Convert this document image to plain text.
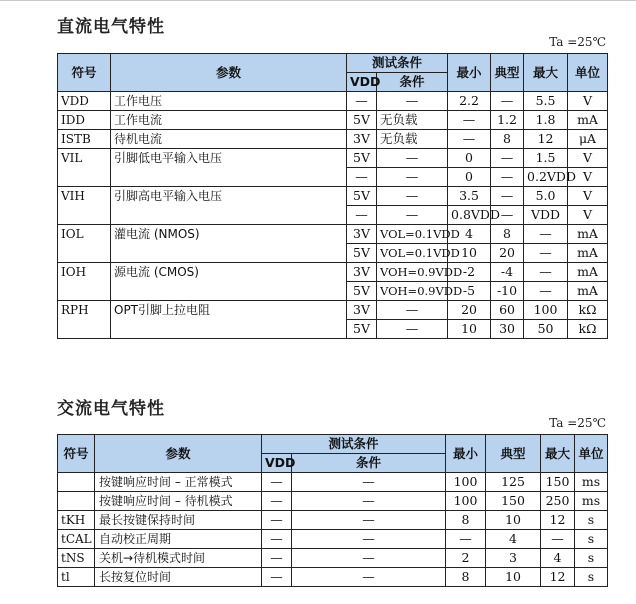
直流电气特性
Ta =25℃
符号	参数	测试条件		最小	典型	最大	单位
		VDD	条件				
VDD	工作电压	—	—	2.2	—	5.5	V
IDD	工作电流	5V	无负载	—	1.2	1.8	mA
ISTB	待机电流	3V	无负载	—	8	12	μA
VIL	引脚低电平输入电压	5V	—	0	—	1.5	V
		—	—	0	—	0.2VDD	V
VIH	引脚高电平输入电压	5V	—	3.5	—	5.0	V
		—	—	0.8VDD	—	VDD	V
IOL	灌电流 (NMOS)	3V	VOL=0.1VDD	4	8	—	mA
		5V	VOL=0.1VDD	10	20	—	mA
IOH	源电流 (CMOS)	3V	VOH=0.9VDD	-2	-4	—	mA
		5V	VOH=0.9VDD	-5	-10	—	mA
RPH	OPT引脚上拉电阻	3V	—	20	60	100	kΩ
		5V	—	10	30	50	kΩ
交流电气特性
Ta =25℃
符号	参数	测试条件		最小	典型	最大	单位
		VDD	条件				
	按键响应时间 – 正常模式	—	—	100	125	150	ms
	按键响应时间 – 待机模式	—	—	100	150	250	ms
tKH	最长按键保持时间	—	—	8	10	12	s
tCAL	自动校正周期	—	—	—	4	—	s
tNS	关机→待机模式时间	—	—	2	3	4	s
tl	长按复位时间	—	—	8	10	12	s
